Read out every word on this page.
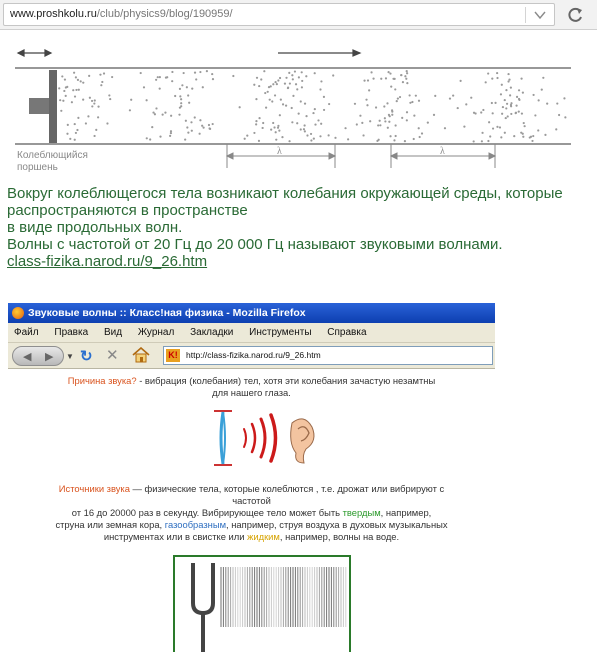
www.proshkolu.ru/club/physics9/blog/190959/
Колеблющийся
поршень
λ	λ
Вокруг колеблющегося тела возникают колебания окружающей среды, которые
распространяются в пространстве
в виде продольных волн.
Волны с частотой от 20 Гц до 20 000 Гц называют звуковыми волнами.
class-fizika.narod.ru/9_26.htm
Звуковые волны :: Класс!ная физика - Mozilla Firefox
Файл Правка Вид Журнал Закладки Инструменты Справка
◀ ▶ ▼ ↻ ✕	K! http://class-fizika.narod.ru/9_26.htm
Причина звука? - вибрация (колебания) тел, хотя эти колебания зачастую незамтны
для нашего глаза.
Источники звука — физические тела, которые колеблются , т.е. дрожат или вибрируют с
частотой
от 16 до 20000 раз в секунду. Вибрирующее тело может быть твердым, например,
струна или земная кора, газообразным, например, струя воздуха в духовых музыкальных
инструментах или в свистке или жидким, например, волны на воде.
